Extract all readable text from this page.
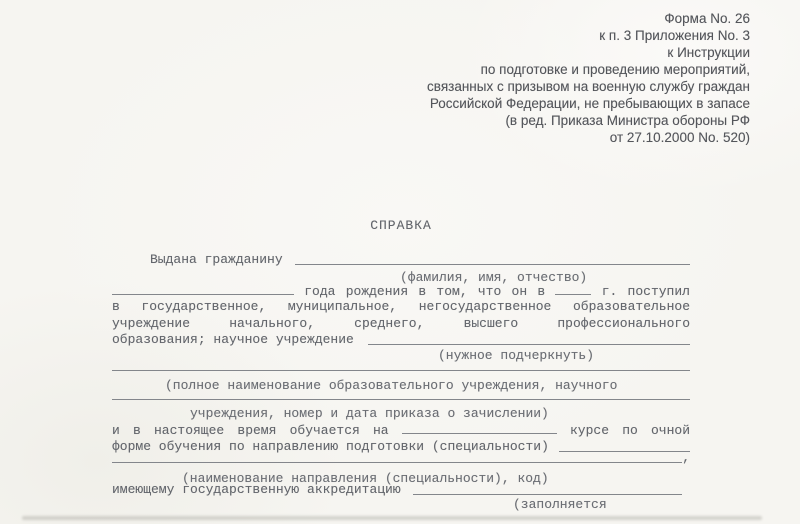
Форма No. 26
к п. 3 Приложения No. 3
к Инструкции
по подготовке и проведению мероприятий,
связанных с призывом на военную службу граждан
Российской Федерации, не пребывающих в запасе
(в ред. Приказа Министра обороны РФ
от 27.10.2000 No. 520)
СПРАВКА
Выдана гражданину
(фамилия, имя, отчество)
года рождения в том, что он в	г. поступил
в государственное, муниципальное, негосударственное образовательное
учреждение начального, среднего, высшего профессионального
образования; научное учреждение
(нужное подчеркнуть)
(полное наименование образовательного учреждения, научного
учреждения, номер и дата приказа о зачислении)
и в настоящее время обучается на	курсе по очной
форме обучения по направлению подготовки (специальности)
,
(наименование направления (специальности), код)
имеющему государственную аккредитацию
(заполняется
